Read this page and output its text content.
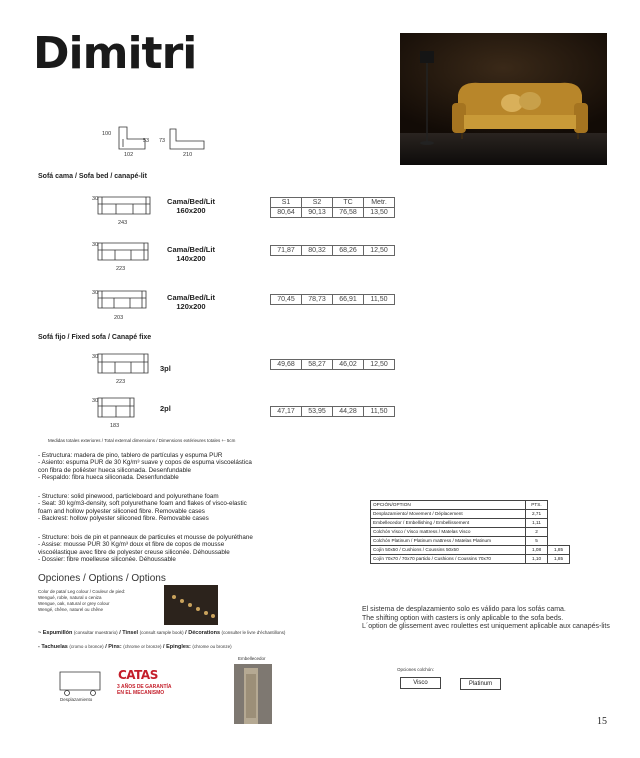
Dimitri
100
53
102
73
210
Sofá cama / Sofa bed / canapé-lit
30
243
Cama/Bed/Lit
160x200
S1	S2	TC	Metr.
80,64	90,13	76,58	13,50
30
223
Cama/Bed/Lit
140x200
71,87	80,32	68,26	12,50
30
203
Cama/Bed/Lit
120x200
70,45	78,73	66,91	11,50
Sofá fijo / Fixed sofa / Canapé fixe
30
223
3pl	49,68	58,27	46,02	12,50
30
183
2pl	47,17	53,95	44,28	11,50
Medidas totales exteriores / Total external dimensions / Dimensions extérieures totales +- 5cm
- Estructura: madera de pino, tablero de partículas y espuma PUR
- Asiento: espuma PUR de 30 Kg/m³ suave y copos de espuma viscoelástica
con fibra de poliéster hueca siliconada. Desenfundable
- Respaldo: fibra hueca siliconada. Desenfundable
- Structure: solid pinewood, particleboard and polyurethane foam
- Seat: 30 kg/m3-density, soft polyurethane foam and flakes of visco-elastic
foam and hollow polyester siliconed fibre. Removable cases
- Backrest: hollow polyester siliconed fibre. Removable cases
- Structure: bois de pin et panneaux de particules et mousse de polyuréthane
- Assise: mousse PUR 30 Kg/m³ doux et fibre de copos de mousse
viscoélastique avec fibre de polyester creuse siliconée. Déhoussable
- Dossier: fibre moelleuse siliconée. Déhoussable
Opciones / Options / Options
Color de pata/ Leg colour / Couleur de pied:
Wengué, roble, natural o ceniza
Wengue, oak, natural or grey colour
Wengé, chêne, naturel ou chêne
~ Espumillón (consultar muestrario) / Tinsel (consult sample book) / Décorations (consulter le livre d'échantillons)
- Tachuelas (cromo o bronce) / Pins: (chrome or bronze) / Epingles: (chrome ou bronze)
Desplazamiento
CATAS
3 AÑOS DE GARANTÍA EN EL MECANISMO
Embellecedor
OPCIÓN/OPTION	PTS.	
Desplazamiento/ Movement / Déplacement	2,71	
Embellecedor / Embellishing / Embellissement	1,11	
Colchón Visco / Visco mattress / Matelas Visco	2	
Colchón Platinum / Platinum mattress / Matelas Platinum	5	
Cojín 50x50 / Cushions / Coussins 50x50	1,08	1,85
Cojín 70x70 / 70x70 partido / Cushions / Coussins 70x70	1,10	1,85
El sistema de desplazamiento solo es válido para los sofás cama.
The shifting option with casters is only aplicable to the sofa beds.
L´option de glissement avec roulettes est uniquement aplicable aux canapés-lits
Opciones colchón:
Visco	Platinum
15
